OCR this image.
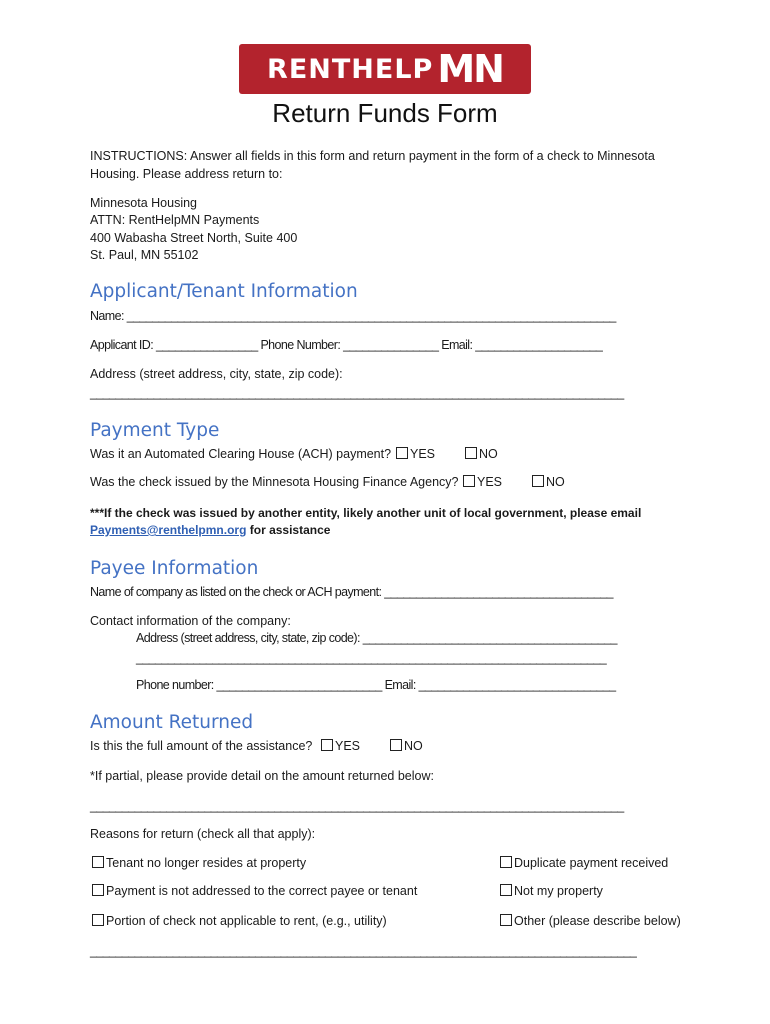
RENTHELP MN
Return Funds Form
INSTRUCTIONS: Answer all fields in this form and return payment in the form of a check to Minnesota
Housing. Please address return to:
Minnesota Housing
ATTN: RentHelpMN Payments
400 Wabasha Street North, Suite 400
St. Paul, MN 55102
Applicant/Tenant Information
Name: _____________________________________________________________________________
Applicant ID: ________________ Phone Number: _______________ Email: ____________________
Address (street address, city, state, zip code):
____________________________________________________________________________________
Payment Type
Was it an Automated Clearing House (ACH) payment? YES	NO
Was the check issued by the Minnesota Housing Finance Agency? YES	NO
***If the check was issued by another entity, likely another unit of local government, please email
Payments@renthelpmn.org for assistance
Payee Information
Name of company as listed on the check or ACH payment: ____________________________________
Contact information of the company:
Address (street address, city, state, zip code): ________________________________________
__________________________________________________________________________
Phone number: __________________________ Email: _______________________________
Amount Returned
Is this the full amount of the assistance? YES	NO
*If partial, please provide detail on the amount returned below:
____________________________________________________________________________________
Reasons for return (check all that apply):
Tenant no longer resides at property	Duplicate payment received
Payment is not addressed to the correct payee or tenant	Not my property
Portion of check not applicable to rent, (e.g., utility)	Other (please describe below)
______________________________________________________________________________________
